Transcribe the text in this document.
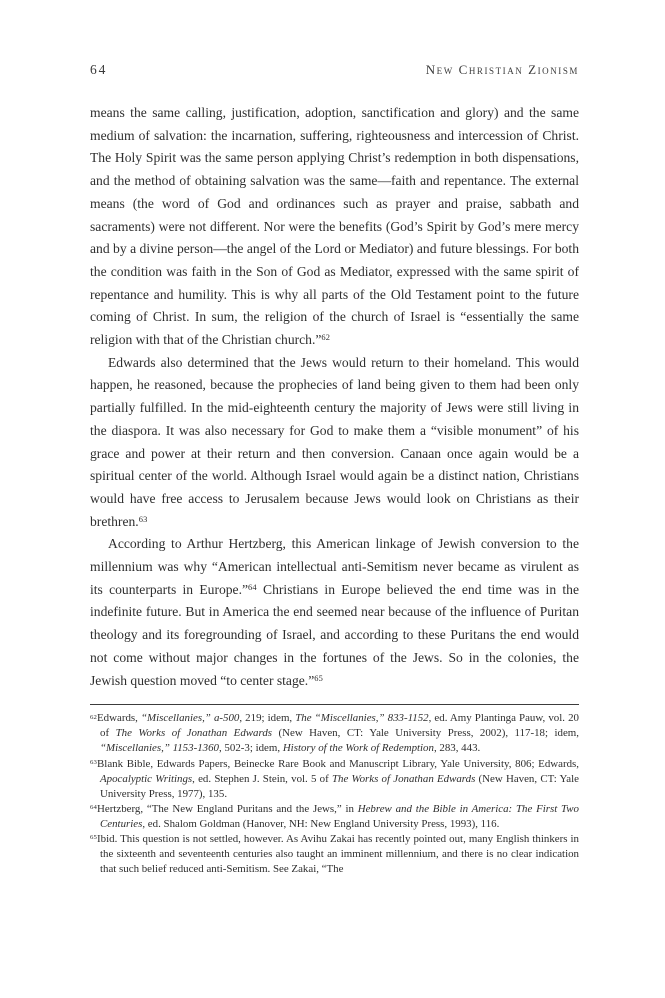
64	New Christian Zionism

means the same calling, justification, adoption, sanctification and glory) and the same medium of salvation: the incarnation, suffering, righteousness and intercession of Christ. The Holy Spirit was the same person applying Christ’s redemption in both dispensations, and the method of obtaining salvation was the same—faith and repentance. The external means (the word of God and ordinances such as prayer and praise, sabbath and sacraments) were not different. Nor were the benefits (God’s Spirit by God’s mere mercy and by a divine person—the angel of the Lord or Mediator) and future blessings. For both the condition was faith in the Son of God as Mediator, expressed with the same spirit of repentance and humility. This is why all parts of the Old Testament point to the future coming of Christ. In sum, the religion of the church of Israel is “essentially the same religion with that of the Christian church.”$^{62}$

Edwards also determined that the Jews would return to their homeland. This would happen, he reasoned, because the prophecies of land being given to them had been only partially fulfilled. In the mid-eighteenth century the majority of Jews were still living in the diaspora. It was also necessary for God to make them a “visible monument” of his grace and power at their return and then conversion. Canaan once again would be a spiritual center of the world. Although Israel would again be a distinct nation, Christians would have free access to Jerusalem because Jews would look on Christians as their brethren.$^{63}$

According to Arthur Hertzberg, this American linkage of Jewish conversion to the millennium was why “American intellectual anti-Semitism never became as virulent as its counterparts in Europe.”$^{64}$ Christians in Europe believed the end time was in the indefinite future. But in America the end seemed near because of the influence of Puritan theology and its foregrounding of Israel, and according to these Puritans the end would not come without major changes in the fortunes of the Jews. So in the colonies, the Jewish question moved “to center stage.”$^{65}$

$^{62}$Edwards, “Miscellanies,” a-500, 219; idem, The “Miscellanies,” 833-1152, ed. Amy Plantinga Pauw, vol. 20 of The Works of Jonathan Edwards (New Haven, CT: Yale University Press, 2002), 117-18; idem, “Miscellanies,” 1153-1360, 502-3; idem, History of the Work of Redemption, 283, 443.

$^{63}$Blank Bible, Edwards Papers, Beinecke Rare Book and Manuscript Library, Yale University, 806; Edwards, Apocalyptic Writings, ed. Stephen J. Stein, vol. 5 of The Works of Jonathan Edwards (New Haven, CT: Yale University Press, 1977), 135.

$^{64}$Hertzberg, “The New England Puritans and the Jews,” in Hebrew and the Bible in America: The First Two Centuries, ed. Shalom Goldman (Hanover, NH: New England University Press, 1993), 116.

$^{65}$Ibid. This question is not settled, however. As Avihu Zakai has recently pointed out, many English thinkers in the sixteenth and seventeenth centuries also taught an imminent millennium, and there is no clear indication that such belief reduced anti-Semitism. See Zakai, “The
